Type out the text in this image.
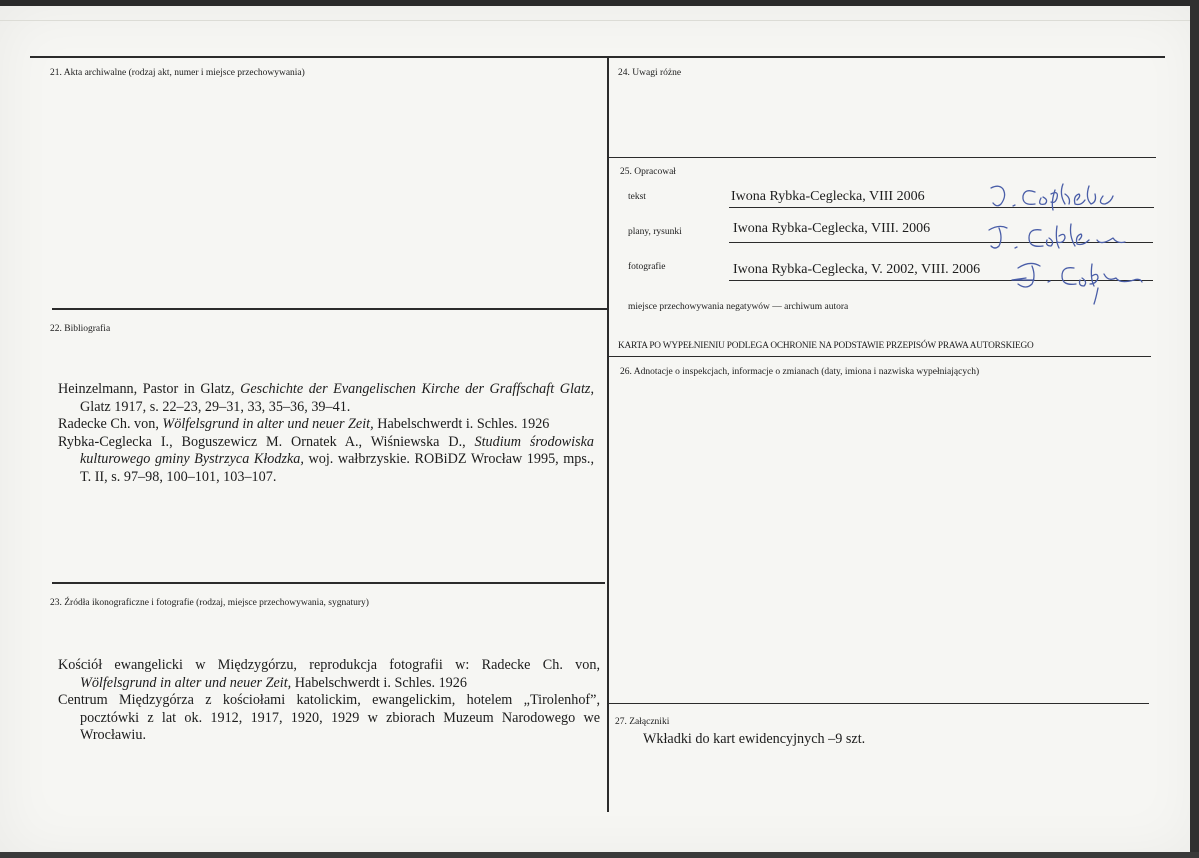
21. Akta archiwalne (rodzaj akt, numer i miejsce przechowywania)
22. Bibliografia

Heinzelmann, Pastor in Glatz, Geschichte der Evangelischen Kirche der Graffschaft Glatz, Glatz 1917, s. 22–23, 29–31, 33, 35–36, 39–41.

Radecke Ch. von, Wölfelsgrund in alter und neuer Zeit, Habelschwerdt i. Schles. 1926

Rybka-Ceglecka I., Boguszewicz M. Ornatek A., Wiśniewska D., Studium środowiska kulturowego gminy Bystrzyca Kłodzka, woj. wałbrzyskie. ROBiDZ Wrocław 1995, mps., T. II, s. 97–98, 100–101, 103–107.

23. Źródła ikonograficzne i fotografie (rodzaj, miejsce przechowywania, sygnatury)

Kościół ewangelicki w Międzygórzu, reprodukcja fotografii w: Radecke Ch. von, Wölfelsgrund in alter und neuer Zeit, Habelschwerdt i. Schles. 1926

Centrum Międzygórza z kościołami katolickim, ewangelickim, hotelem „Tirolenhof”, pocztówki z lat ok. 1912, 1917, 1920, 1929 w zbiorach Muzeum Narodowego we Wrocławiu.

24. Uwagi różne
25. Opracował
tekst	Iwona Rybka-Ceglecka, VIII 2006
plany, rysunki	Iwona Rybka-Ceglecka, VIII. 2006
fotografie	Iwona Rybka-Ceglecka, V. 2002, VIII. 2006
miejsce przechowywania negatywów — archiwum autora
KARTA PO WYPEŁNIENIU PODLEGA OCHRONIE NA PODSTAWIE PRZEPISÓW PRAWA AUTORSKIEGO
26. Adnotacje o inspekcjach, informacje o zmianach (daty, imiona i nazwiska wypełniających)
27. Załączniki
Wkładki do kart ewidencyjnych –9 szt.
